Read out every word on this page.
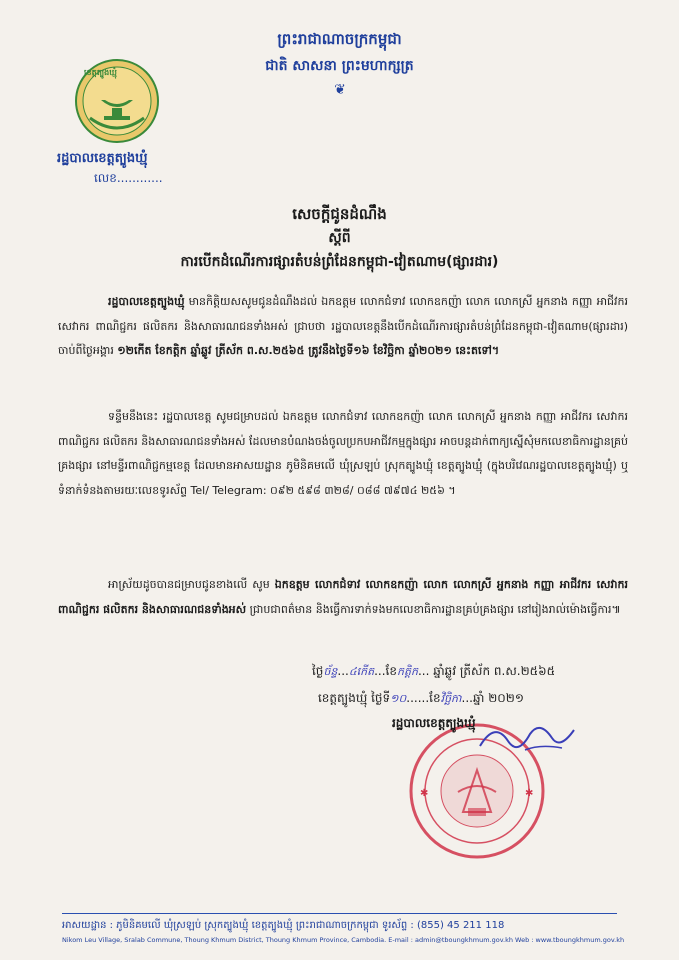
ព្រះរាជាណាចក្រកម្ពុជា
ជាតិ សាសនា ព្រះមហាក្សត្រ
❦
ខេត្តត្បូងឃ្មុំ
រដ្ឋបាលខេត្តត្បូងឃ្មុំ
លេខ............
សេចក្តីជូនដំណឹង
ស្តីពី
ការបើកដំណើរការផ្សារតំបន់ព្រំដែនកម្ពុជា-វៀតណាម(ផ្សារដារ)
រដ្ឋបាលខេត្តត្បូងឃ្មុំ មានកិត្តិយសសូមជូនដំណឹងដល់ ឯកឧត្តម លោកជំទាវ លោកឧកញ៉ា លោក លោកស្រី អ្នកនាង កញ្ញា អាជីវករ សេវាករ ពាណិជ្ជករ ផលិតករ និងសាធារណជនទាំងអស់ ជ្រាបថា រដ្ឋបាលខេត្តនឹងបើកដំណើរការផ្សារតំបន់ព្រំដែនកម្ពុជា-វៀតណាម(ផ្សារដារ) ចាប់ពីថ្ងៃអង្គារ ១២កើត ខែកត្តិក ឆ្នាំឆ្លូវ ត្រីស័ក ព.ស.២៥៦៥ ត្រូវនឹងថ្ងៃទី១៦ ខែវិច្ឆិកា ឆ្នាំ២០២១ នេះតទៅ។
ទន្ទឹមនឹងនេះ រដ្ឋបាលខេត្ត សូមជម្រាបដល់ ឯកឧត្តម លោកជំទាវ លោកឧកញ៉ា លោក លោកស្រី អ្នកនាង កញ្ញា អាជីវករ សេវាករ ពាណិជ្ជករ ផលិតករ និងសាធារណជនទាំងអស់ ដែលមានបំណងចង់ចូលប្រកបអាជីវកម្មក្នុងផ្សារ អាចបន្តដាក់ពាក្យស្នើសុំមកលេខាធិការដ្ឋានគ្រប់គ្រងផ្សារ នៅមន្ទីរពាណិជ្ជកម្មខេត្ត ដែលមានអាសយដ្ឋាន ភូមិនិគមលើ ឃុំស្រឡប់ ស្រុកត្បូងឃ្មុំ ខេត្តត្បូងឃ្មុំ (ក្នុងបរិវេណរដ្ឋបាលខេត្តត្បូងឃ្មុំ) ឬទំនាក់ទំនងតាមរយៈលេខទូរស័ព្ទ Tel/ Telegram: ០៩២ ៥៩៨ ៣២៨/ ០៨៨ ៧៩៧៤ ២៥៦ ។
អាស្រ័យដូចបានជម្រាបជូនខាងលើ សូម ឯកឧត្តម លោកជំទាវ លោកឧកញ៉ា លោក លោកស្រី អ្នកនាង កញ្ញា អាជីវករ សេវាករ ពាណិជ្ជករ ផលិតករ និងសាធារណជនទាំងអស់ ជ្រាបជាពត៌មាន និងធ្វើការទាក់ទងមកលេខាធិការដ្ឋានគ្រប់គ្រងផ្សារ នៅរៀងរាល់ម៉ោងធ្វើការ៕
ថ្ងៃច័ន្ទ...៤កើត...ខែកត្តិក... ឆ្នាំឆ្លូវ ត្រីស័ក ព.ស.២៥៦៥
ខេត្តត្បូងឃ្មុំ ថ្ងៃទី១០......ខែវិច្ឆិកា...ឆ្នាំ ២០២១
✱	✱
រដ្ឋបាលខេត្តត្បូងឃ្មុំ
អាសយដ្ឋាន : ភូមិនិគមលើ ឃុំស្រឡប់ ស្រុកត្បូងឃ្មុំ ខេត្តត្បូងឃ្មុំ ព្រះរាជាណាចក្រកម្ពុជា ទូរស័ព្ទ : (855) 45 211 118
Nikom Leu Village, Sralab Commune, Thoung Khmum District, Thoung Khmum Province, Cambodia. E-mail : admin@tboungkhmum.gov.kh Web : www.tboungkhmum.gov.kh
